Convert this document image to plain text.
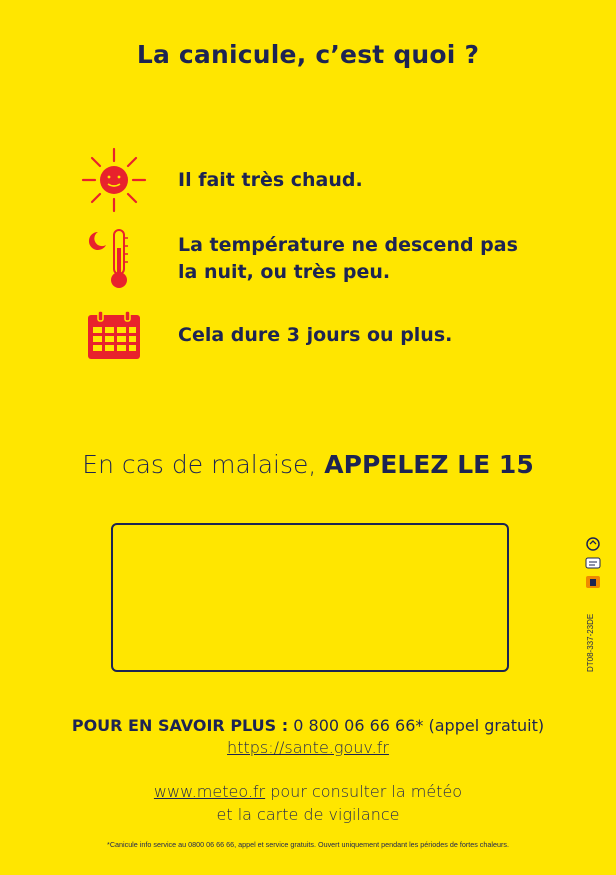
La canicule, c’est quoi ?
Il fait très chaud.
La température ne descend pas la nuit, ou très peu.
Cela dure 3 jours ou plus.
En cas de malaise, APPELEZ LE 15
DT08-337-23DE
POUR EN SAVOIR PLUS : 0 800 06 66 66* (appel gratuit)
https://sante.gouv.fr
www.meteo.fr pour consulter la météo
et la carte de vigilance
*Canicule info service au 0800 06 66 66, appel et service gratuits. Ouvert uniquement pendant les périodes de fortes chaleurs.
